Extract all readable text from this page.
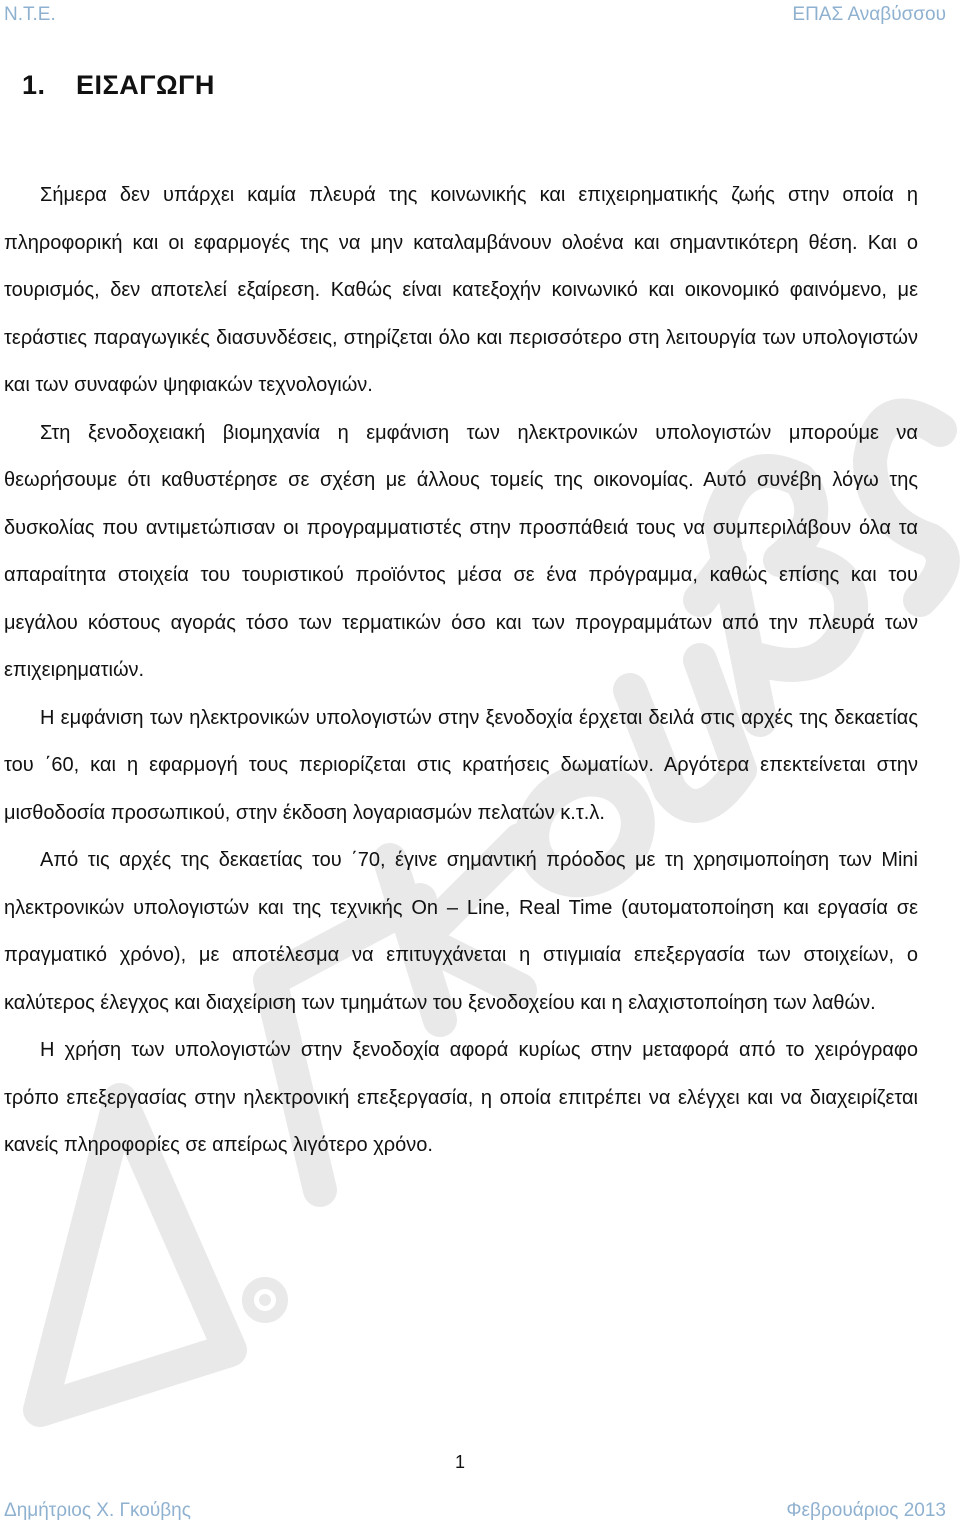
Ν.Τ.Ε.	ΕΠΑΣ Αναβύσσου
1. ΕΙΣΑΓΩΓΗ

Σήμερα δεν υπάρχει καμία πλευρά της κοινωνικής και επιχειρηματικής ζωής στην οποία η πληροφορική και οι εφαρμογές της να μην καταλαμβάνουν ολοένα και σημαντικότερη θέση. Και ο τουρισμός, δεν αποτελεί εξαίρεση. Καθώς είναι κατεξοχήν κοινωνικό και οικονομικό φαινόμενο, με τεράστιες παραγωγικές διασυνδέσεις, στηρίζεται όλο και περισσότερο στη λειτουργία των υπολογιστών και των συναφών ψηφιακών τεχνολογιών.

Στη ξενοδοχειακή βιομηχανία η εμφάνιση των ηλεκτρονικών υπολογιστών μπορούμε να θεωρήσουμε ότι καθυστέρησε σε σχέση με άλλους τομείς της οικονομίας. Αυτό συνέβη λόγω της δυσκολίας που αντιμετώπισαν οι προγραμματιστές στην προσπάθειά τους να συμπεριλάβουν όλα τα απαραίτητα στοιχεία του τουριστικού προϊόντος μέσα σε ένα πρόγραμμα, καθώς επίσης και του μεγάλου κόστους αγοράς τόσο των τερματικών όσο και των προγραμμάτων από την πλευρά των επιχειρηματιών.

Η εμφάνιση των ηλεκτρονικών υπολογιστών στην ξενοδοχία έρχεται δειλά στις αρχές της δεκαετίας του ΄60, και η εφαρμογή τους περιορίζεται στις κρατήσεις δωματίων. Αργότερα επεκτείνεται στην μισθοδοσία προσωπικού, στην έκδοση λογαριασμών πελατών κ.τ.λ.

Από τις αρχές της δεκαετίας του ΄70, έγινε σημαντική πρόοδος με τη χρησιμοποίηση των Mini ηλεκτρονικών υπολογιστών και της τεχνικής On – Line, Real Time (αυτοματοποίηση και εργασία σε πραγματικό χρόνο), με αποτέλεσμα να επιτυγχάνεται η στιγμιαία επεξεργασία των στοιχείων, ο καλύτερος έλεγχος και διαχείριση των τμημάτων του ξενοδοχείου και η ελαχιστοποίηση των λαθών.

Η χρήση των υπολογιστών στην ξενοδοχία αφορά κυρίως στην μεταφορά από το χειρόγραφο τρόπο επεξεργασίας στην ηλεκτρονική επεξεργασία, η οποία επιτρέπει να ελέγχει και να διαχειρίζεται κανείς πληροφορίες σε απείρως λιγότερο χρόνο.

1
Δημήτριος Χ. Γκούβης	Φεβρουάριος 2013
